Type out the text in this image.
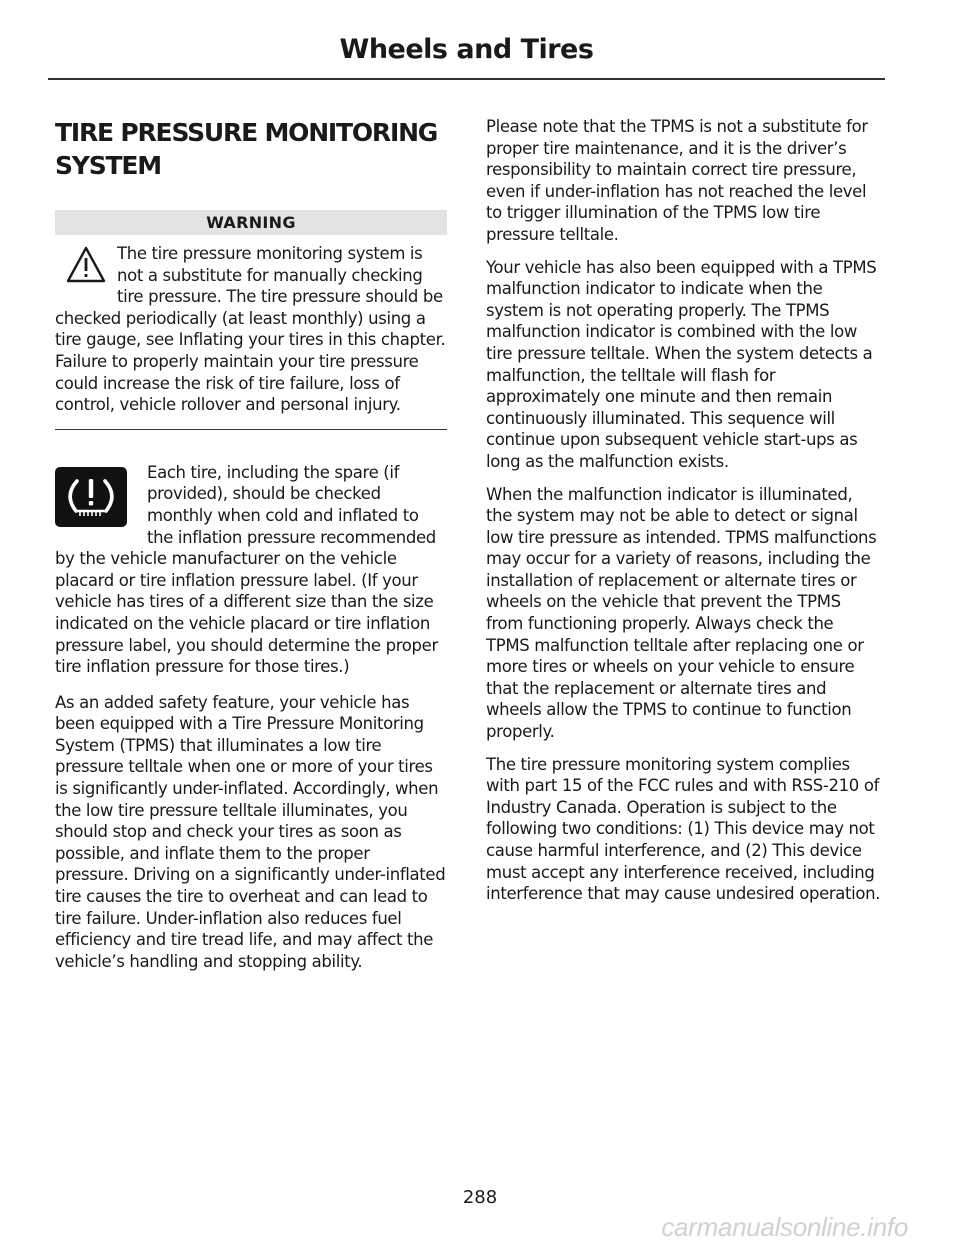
Wheels and Tires
TIRE PRESSURE MONITORING
SYSTEM
WARNING

The tire pressure monitoring system is not a substitute for manually checking tire pressure. The tire pressure should be checked periodically (at least monthly) using a tire gauge, see Inflating your tires in this chapter. Failure to properly maintain your tire pressure could increase the risk of tire failure, loss of control, vehicle rollover and personal injury.

Each tire, including the spare (if provided), should be checked monthly when cold and inflated to the inflation pressure recommended by the vehicle manufacturer on the vehicle placard or tire inflation pressure label. (If your vehicle has tires of a different size than the size indicated on the vehicle placard or tire inflation pressure label, you should determine the proper tire inflation pressure for those tires.)

As an added safety feature, your vehicle has been equipped with a Tire Pressure Monitoring System (TPMS) that illuminates a low tire pressure telltale when one or more of your tires is significantly under-inflated. Accordingly, when the low tire pressure telltale illuminates, you should stop and check your tires as soon as possible, and inflate them to the proper pressure. Driving on a significantly under-inflated tire causes the tire to overheat and can lead to tire failure. Under-inflation also reduces fuel efficiency and tire tread life, and may affect the vehicle’s handling and stopping ability.

Please note that the TPMS is not a substitute for proper tire maintenance, and it is the driver’s responsibility to maintain correct tire pressure, even if under-inflation has not reached the level to trigger illumination of the TPMS low tire pressure telltale.

Your vehicle has also been equipped with a TPMS malfunction indicator to indicate when the system is not operating properly. The TPMS malfunction indicator is combined with the low tire pressure telltale. When the system detects a malfunction, the telltale will flash for approximately one minute and then remain continuously illuminated. This sequence will continue upon subsequent vehicle start-ups as long as the malfunction exists.

When the malfunction indicator is illuminated, the system may not be able to detect or signal low tire pressure as intended. TPMS malfunctions may occur for a variety of reasons, including the installation of replacement or alternate tires or wheels on the vehicle that prevent the TPMS from functioning properly. Always check the TPMS malfunction telltale after replacing one or more tires or wheels on your vehicle to ensure that the replacement or alternate tires and wheels allow the TPMS to continue to function properly.

The tire pressure monitoring system complies with part 15 of the FCC rules and with RSS-210 of Industry Canada. Operation is subject to the following two conditions: (1) This device may not cause harmful interference, and (2) This device must accept any interference received, including interference that may cause undesired operation.

288
carmanualsonline.info
